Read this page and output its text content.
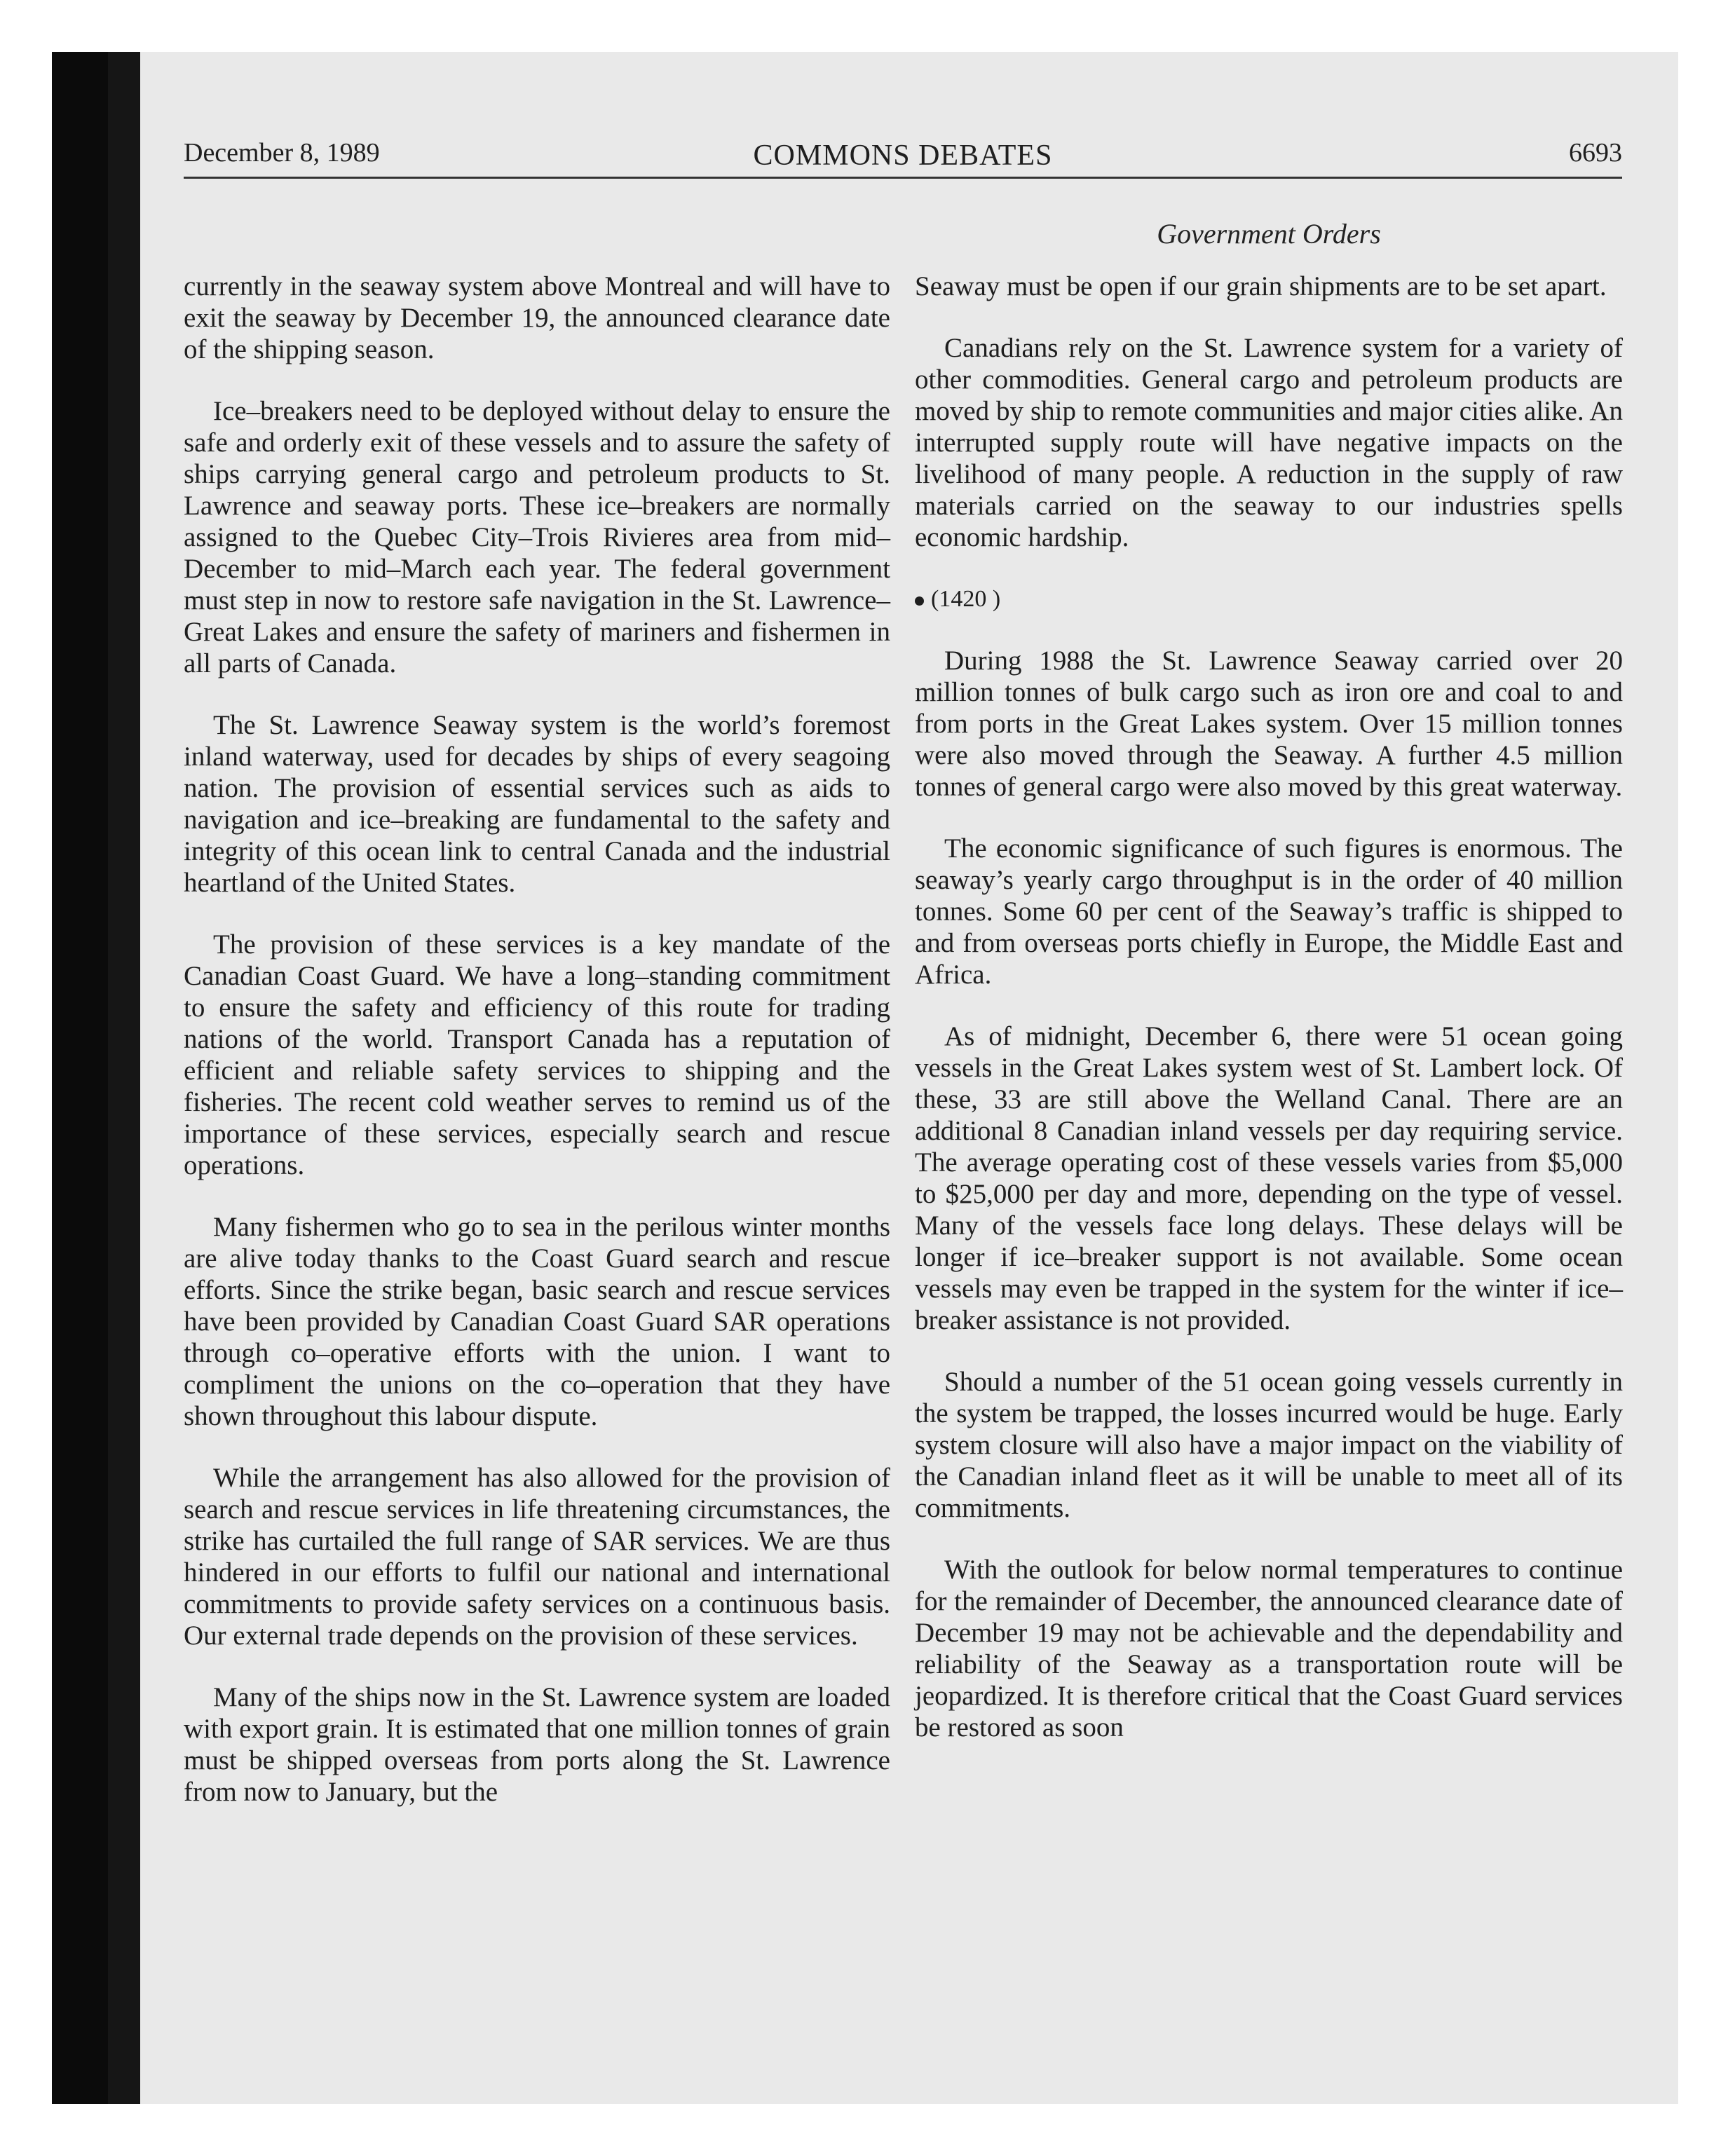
December 8, 1989	COMMONS DEBATES	6693
Government Orders

currently in the seaway system above Montreal and will have to exit the seaway by December 19, the announced clearance date of the shipping season.

Ice–breakers need to be deployed without delay to ensure the safe and orderly exit of these vessels and to assure the safety of ships carrying general cargo and petroleum products to St. Lawrence and seaway ports. These ice–breakers are normally assigned to the Quebec City–Trois Rivieres area from mid–December to mid–March each year. The federal government must step in now to restore safe navigation in the St. Lawrence–Great Lakes and ensure the safety of mariners and fishermen in all parts of Canada.

The St. Lawrence Seaway system is the world’s foremost inland waterway, used for decades by ships of every seagoing nation. The provision of essential services such as aids to navigation and ice–breaking are fundamental to the safety and integrity of this ocean link to central Canada and the industrial heartland of the United States.

The provision of these services is a key mandate of the Canadian Coast Guard. We have a long–standing commitment to ensure the safety and efficiency of this route for trading nations of the world. Transport Canada has a reputation of efficient and reliable safety services to shipping and the fisheries. The recent cold weather serves to remind us of the importance of these services, especially search and rescue operations.

Many fishermen who go to sea in the perilous winter months are alive today thanks to the Coast Guard search and rescue efforts. Since the strike began, basic search and rescue services have been provided by Canadian Coast Guard SAR operations through co–operative efforts with the union. I want to compliment the unions on the co–operation that they have shown throughout this labour dispute.

While the arrangement has also allowed for the provision of search and rescue services in life threatening circumstances, the strike has curtailed the full range of SAR services. We are thus hindered in our efforts to fulfil our national and international commitments to provide safety services on a continuous basis. Our external trade depends on the provision of these services.

Many of the ships now in the St. Lawrence system are loaded with export grain. It is estimated that one million tonnes of grain must be shipped overseas from ports along the St. Lawrence from now to January, but the

Seaway must be open if our grain shipments are to be set apart.

Canadians rely on the St. Lawrence system for a variety of other commodities. General cargo and petroleum products are moved by ship to remote communities and major cities alike. An interrupted supply route will have negative impacts on the livelihood of many people. A reduction in the supply of raw materials carried on the seaway to our industries spells economic hardship.

(1420 )

During 1988 the St. Lawrence Seaway carried over 20 million tonnes of bulk cargo such as iron ore and coal to and from ports in the Great Lakes system. Over 15 million tonnes were also moved through the Seaway. A further 4.5 million tonnes of general cargo were also moved by this great waterway.

The economic significance of such figures is enormous. The seaway’s yearly cargo throughput is in the order of 40 million tonnes. Some 60 per cent of the Seaway’s traffic is shipped to and from overseas ports chiefly in Europe, the Middle East and Africa.

As of midnight, December 6, there were 51 ocean going vessels in the Great Lakes system west of St. Lambert lock. Of these, 33 are still above the Welland Canal. There are an additional 8 Canadian inland vessels per day requiring service. The average operating cost of these vessels varies from $5,000 to $25,000 per day and more, depending on the type of vessel. Many of the vessels face long delays. These delays will be longer if ice–breaker support is not available. Some ocean vessels may even be trapped in the system for the winter if ice–breaker assistance is not provided.

Should a number of the 51 ocean going vessels currently in the system be trapped, the losses incurred would be huge. Early system closure will also have a major impact on the viability of the Canadian inland fleet as it will be unable to meet all of its commitments.

With the outlook for below normal temperatures to continue for the remainder of December, the announced clearance date of December 19 may not be achievable and the dependability and reliability of the Seaway as a transportation route will be jeopardized. It is therefore critical that the Coast Guard services be restored as soon
